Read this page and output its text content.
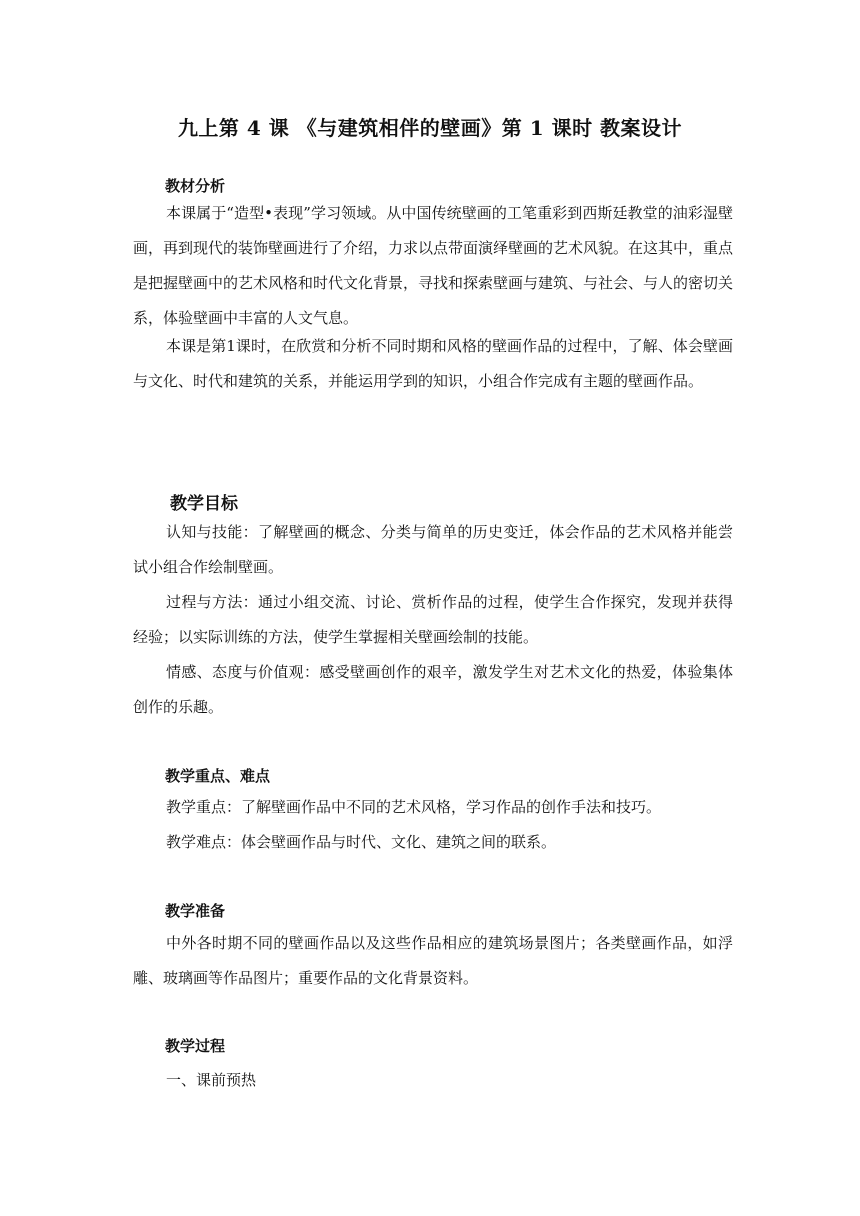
九上第 4 课 《与建筑相伴的壁画》第 1 课时 教案设计
教材分析
本课属于“造型•表现”学习领域。从中国传统壁画的工笔重彩到西斯廷教堂的油彩湿壁画，再到现代的装饰壁画进行了介绍，力求以点带面演绎壁画的艺术风貌。在这其中，重点是把握壁画中的艺术风格和时代文化背景，寻找和探索壁画与建筑、与社会、与人的密切关系，体验壁画中丰富的人文气息。
本课是第1课时，在欣赏和分析不同时期和风格的壁画作品的过程中，了解、体会壁画与文化、时代和建筑的关系，并能运用学到的知识，小组合作完成有主题的壁画作品。
教学目标
认知与技能：了解壁画的概念、分类与简单的历史变迁，体会作品的艺术风格并能尝试小组合作绘制壁画。
过程与方法：通过小组交流、讨论、赏析作品的过程，使学生合作探究，发现并获得经验；以实际训练的方法，使学生掌握相关壁画绘制的技能。
情感、态度与价值观：感受壁画创作的艰辛，激发学生对艺术文化的热爱，体验集体创作的乐趣。
教学重点、难点
教学重点：了解壁画作品中不同的艺术风格，学习作品的创作手法和技巧。
教学难点：体会壁画作品与时代、文化、建筑之间的联系。
教学准备
中外各时期不同的壁画作品以及这些作品相应的建筑场景图片；各类壁画作品，如浮雕、玻璃画等作品图片；重要作品的文化背景资料。
教学过程
一、课前预热
